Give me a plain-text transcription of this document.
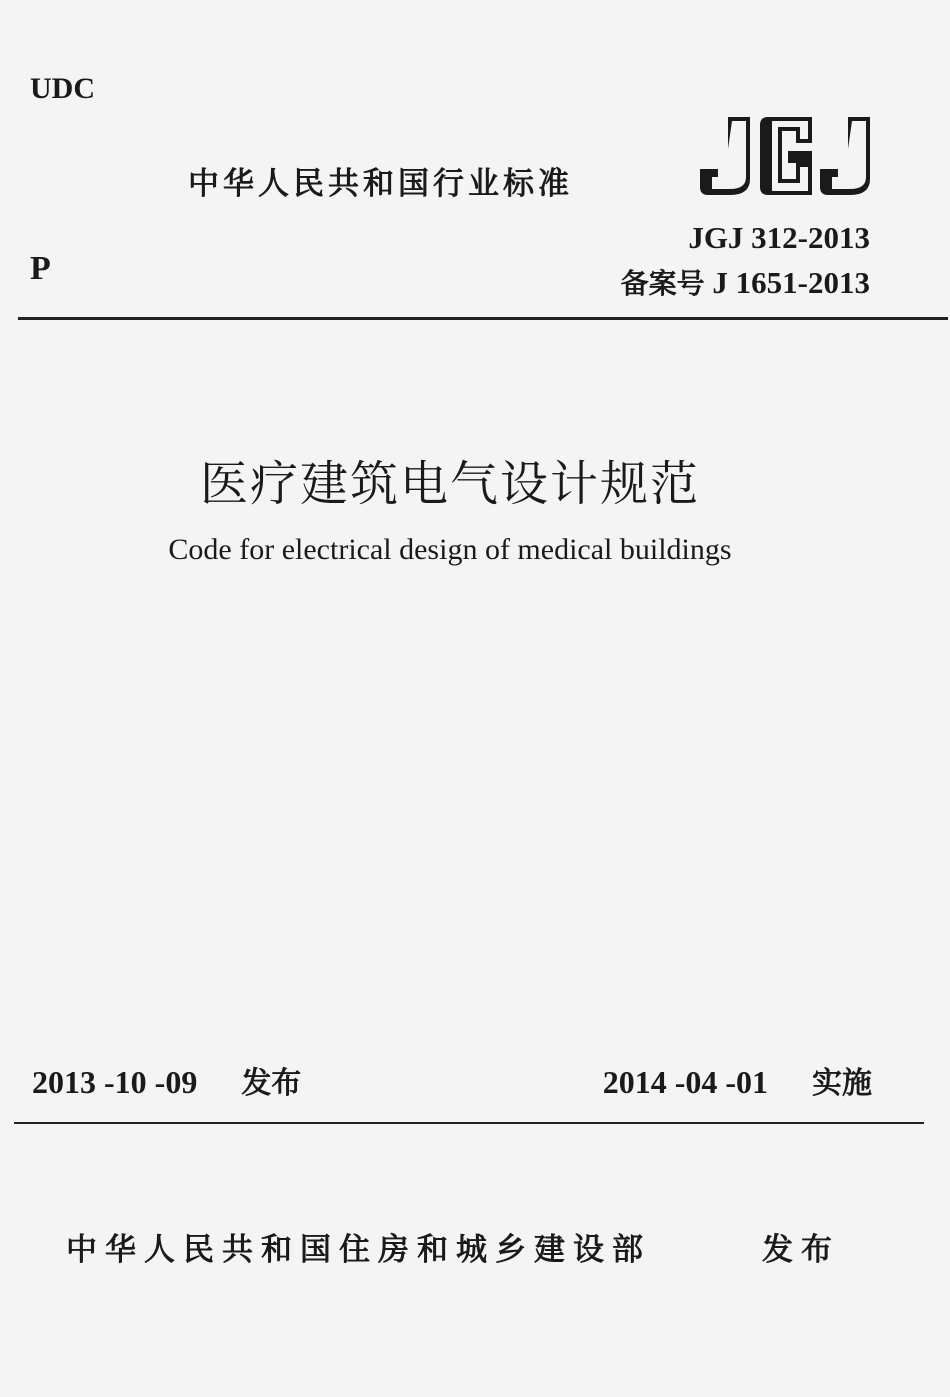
UDC
中华人民共和国行业标准
P
JGJ 312-2013
备案号 J 1651-2013
医疗建筑电气设计规范
Code for electrical design of medical buildings
2013 -10 -09 发布	2014 -04 -01 实施
中华人民共和国住房和城乡建设部	发布
